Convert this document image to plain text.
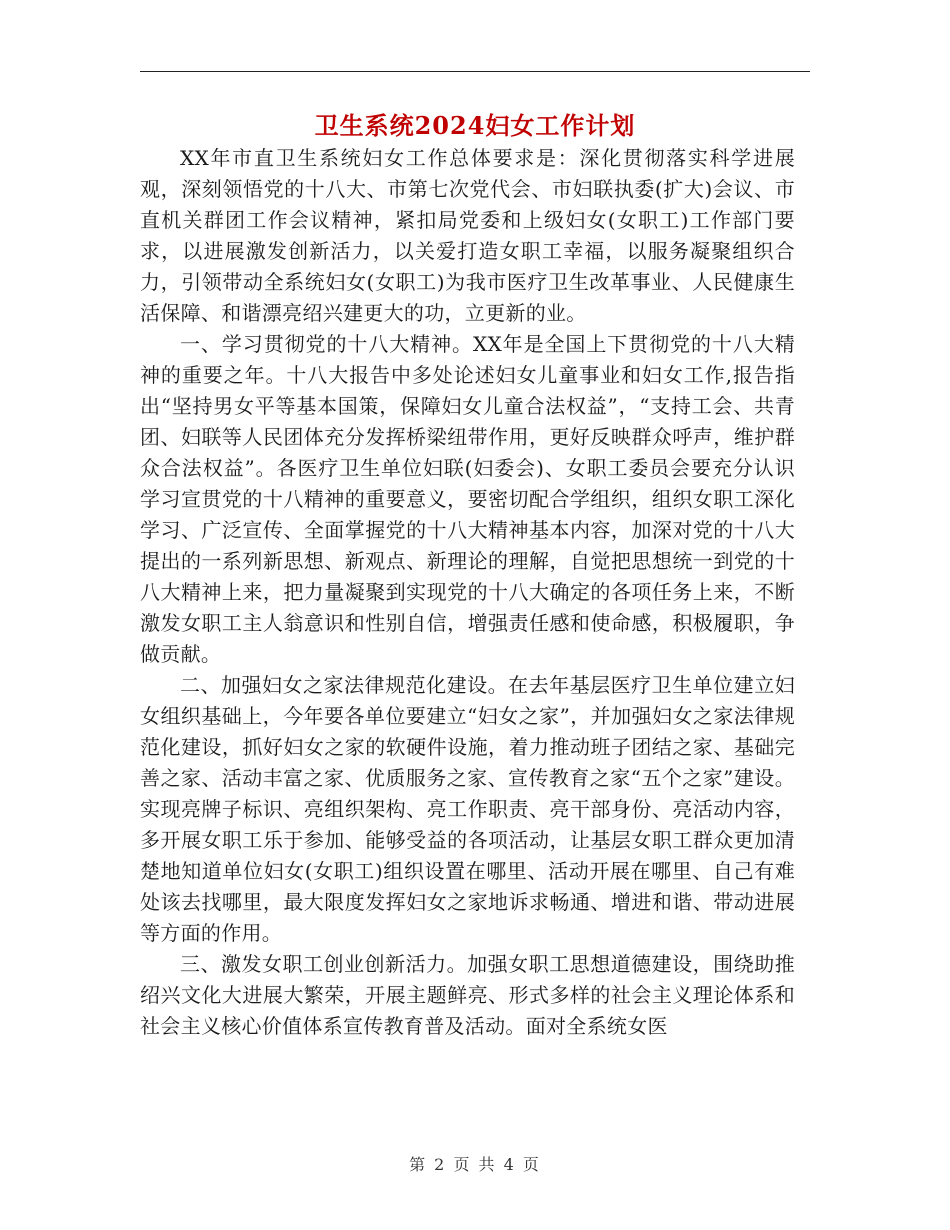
卫生系统2024妇女工作计划

XX年市直卫生系统妇女工作总体要求是：深化贯彻落实科学进展观，深刻领悟党的十八大、市第七次党代会、市妇联执委(扩大)会议、市直机关群团工作会议精神，紧扣局党委和上级妇女(女职工)工作部门要求，以进展激发创新活力，以关爱打造女职工幸福，以服务凝聚组织合力，引领带动全系统妇女(女职工)为我市医疗卫生改革事业、人民健康生活保障、和谐漂亮绍兴建更大的功，立更新的业。

一、学习贯彻党的十八大精神。XX年是全国上下贯彻党的十八大精神的重要之年。十八大报告中多处论述妇女儿童事业和妇女工作,报告指出“坚持男女平等基本国策，保障妇女儿童合法权益”，“支持工会、共青团、妇联等人民团体充分发挥桥梁纽带作用，更好反映群众呼声，维护群众合法权益”。各医疗卫生单位妇联(妇委会)、女职工委员会要充分认识学习宣贯党的十八精神的重要意义，要密切配合学组织，组织女职工深化学习、广泛宣传、全面掌握党的十八大精神基本内容，加深对党的十八大提出的一系列新思想、新观点、新理论的理解，自觉把思想统一到党的十八大精神上来，把力量凝聚到实现党的十八大确定的各项任务上来，不断激发女职工主人翁意识和性别自信，增强责任感和使命感，积极履职，争做贡献。

二、加强妇女之家法律规范化建设。在去年基层医疗卫生单位建立妇女组织基础上，今年要各单位要建立“妇女之家”，并加强妇女之家法律规范化建设，抓好妇女之家的软硬件设施，着力推动班子团结之家、基础完善之家、活动丰富之家、优质服务之家、宣传教育之家“五个之家”建设。实现亮牌子标识、亮组织架构、亮工作职责、亮干部身份、亮活动内容，多开展女职工乐于参加、能够受益的各项活动，让基层女职工群众更加清楚地知道单位妇女(女职工)组织设置在哪里、活动开展在哪里、自己有难处该去找哪里，最大限度发挥妇女之家地诉求畅通、增进和谐、带动进展等方面的作用。

三、激发女职工创业创新活力。加强女职工思想道德建设，围绕助推绍兴文化大进展大繁荣，开展主题鲜亮、形式多样的社会主义理论体系和社会主义核心价值体系宣传教育普及活动。面对全系统女医

第 2 页 共 4 页
